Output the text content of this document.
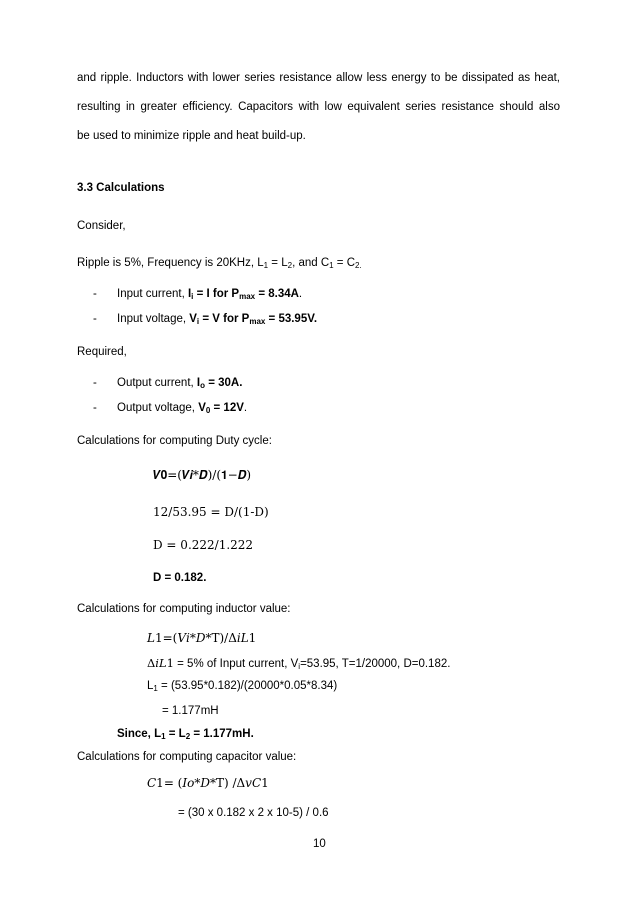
and ripple. Inductors with lower series resistance allow less energy to be dissipated as heat,
resulting in greater efficiency. Capacitors with low equivalent series resistance should also
be used to minimize ripple and heat build-up.
3.3 Calculations
Consider,
Ripple is 5%, Frequency is 20KHz, $L_1 = L_2$, and $C_1 = C_{2.}$
- Input current, $I_i = I$ for $P_{max} = 8.34A$.
- Input voltage, $V_i = V$ for $P_{max} = 53.95V$.
Required,
- Output current, $I_o = 30A$.
- Output voltage, $V_0 = 12V$.
Calculations for computing Duty cycle:
𝑽𝟎=(𝑽𝒊*𝑫)/(𝟏−𝑫)
12/53.95 = D/(1-D)
D = 0.222/1.222
D = 0.182.
Calculations for computing inductor value:
𝐿1=(𝑉𝑖*𝐷*T)/Δ𝑖𝐿1
Δ𝑖𝐿1 = 5% of Input current, $V_i=53.95$, T=1/20000, D=0.182.
$L_1 = (53.95*0.182)/(20000*0.05*8.34)$
= 1.177mH
Since, $L_1 = L_2 = 1.177mH$.
Calculations for computing capacitor value:
𝐶1= (𝐼𝑜*𝐷*T) /Δ𝑣𝐶1
= (30 x 0.182 x 2 x 10-5) / 0.6
10
